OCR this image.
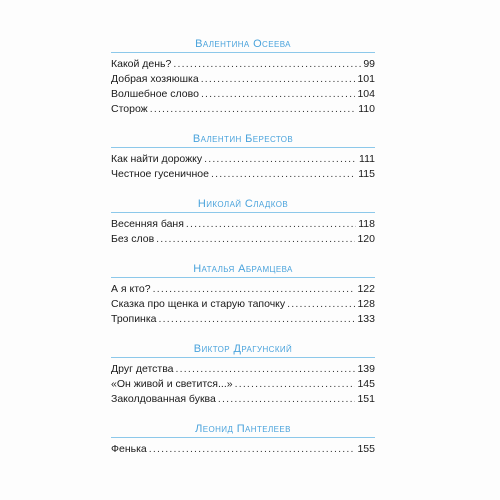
Валентина Осеева
Какой день? .....	99
Добрая хозяюшка .....	101
Волшебное слово .....	104
Сторож .....	110
Валентин Берестов
Как найти дорожку .....	111
Честное гусеничное .....	115
Николай Сладков
Весенняя баня .....	118
Без слов .....	120
Наталья Абрамцева
А я кто? .....	122
Сказка про щенка и старую тапочку .....	128
Тропинка .....	133
Виктор Драгунский
Друг детства .....	139
«Он живой и светится...» .....	145
Заколдованная буква .....	151
Леонид Пантелеев
Фенька .....	155
